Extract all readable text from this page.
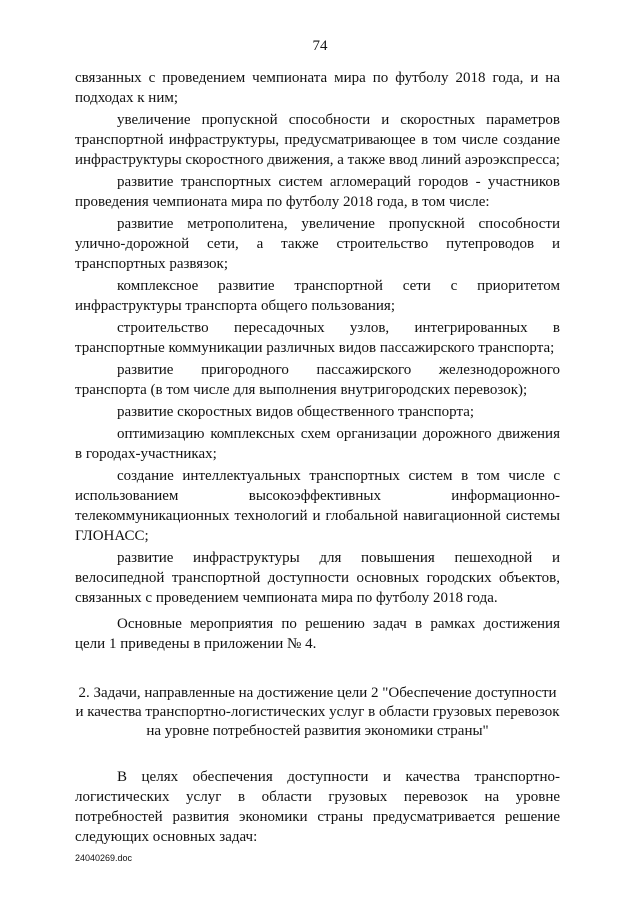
74

связанных с проведением чемпионата мира по футболу 2018 года, и на подходах к ним;

увеличение пропускной способности и скоростных параметров транспортной инфраструктуры, предусматривающее в том числе создание инфраструктуры скоростного движения, а также ввод линий аэроэкспресса;

развитие транспортных систем агломераций городов - участников проведения чемпионата мира по футболу 2018 года, в том числе:

развитие метрополитена, увеличение пропускной способности улично-дорожной сети, а также строительство путепроводов и транспортных развязок;

комплексное развитие транспортной сети с приоритетом инфраструктуры транспорта общего пользования;

строительство пересадочных узлов, интегрированных в транспортные коммуникации различных видов пассажирского транспорта;

развитие пригородного пассажирского железнодорожного транспорта (в том числе для выполнения внутригородских перевозок);

развитие скоростных видов общественного транспорта;

оптимизацию комплексных схем организации дорожного движения в городах-участниках;

создание интеллектуальных транспортных систем в том числе с использованием высокоэффективных информационно-телекоммуникационных технологий и глобальной навигационной системы ГЛОНАСС;

развитие инфраструктуры для повышения пешеходной и велосипедной транспортной доступности основных городских объектов, связанных с проведением чемпионата мира по футболу 2018 года.

Основные мероприятия по решению задач в рамках достижения цели 1 приведены в приложении № 4.

2. Задачи, направленные на достижение цели 2 "Обеспечение доступности и качества транспортно-логистических услуг в области грузовых перевозок на уровне потребностей развития экономики страны"

В целях обеспечения доступности и качества транспортно-логистических услуг в области грузовых перевозок на уровне потребностей развития экономики страны предусматривается решение следующих основных задач:

24040269.doc
